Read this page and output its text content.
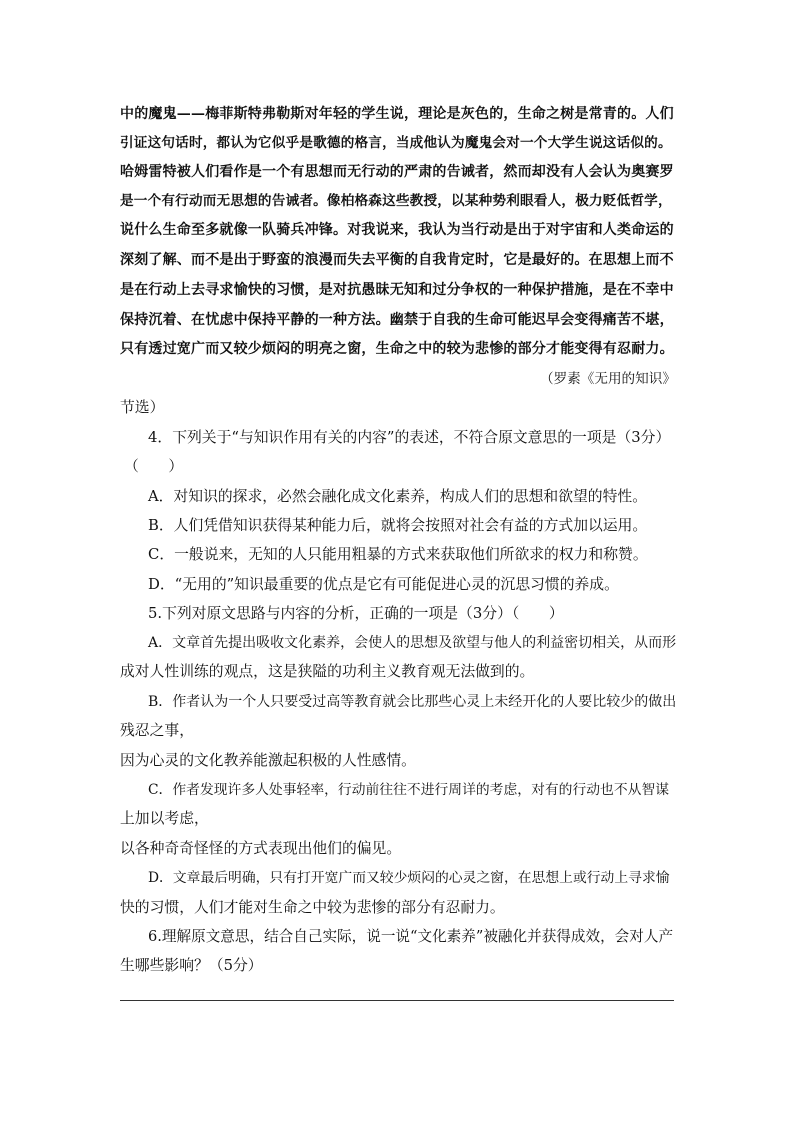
中的魔鬼——梅菲斯特弗勒斯对年轻的学生说，理论是灰色的，生命之树是常青的。人们
引证这句话时，都认为它似乎是歌德的格言，当成他认为魔鬼会对一个大学生说这话似的。
哈姆雷特被人们看作是一个有思想而无行动的严肃的告诫者，然而却没有人会认为奥赛罗
是一个有行动而无思想的告诫者。像柏格森这些教授，以某种势利眼看人，极力贬低哲学，
说什么生命至多就像一队骑兵冲锋。对我说来，我认为当行动是出于对宇宙和人类命运的
深刻了解、而不是出于野蛮的浪漫而失去平衡的自我肯定时，它是最好的。在思想上而不
是在行动上去寻求愉快的习惯，是对抗愚昧无知和过分争权的一种保护措施，是在不幸中
保持沉着、在忧虑中保持平静的一种方法。幽禁于自我的生命可能迟早会变得痛苦不堪，
只有透过宽广而又较少烦闷的明亮之窗，生命之中的较为悲惨的部分才能变得有忍耐力。
（罗素《无用的知识》
节选）
4．下列关于“与知识作用有关的内容”的表述，不符合原文意思的一项是（3分）
（　　）
A．对知识的探求，必然会融化成文化素养，构成人们的思想和欲望的特性。
B．人们凭借知识获得某种能力后，就将会按照对社会有益的方式加以运用。
C．一般说来，无知的人只能用粗暴的方式来获取他们所欲求的权力和称赞。
D．“无用的”知识最重要的优点是它有可能促进心灵的沉思习惯的养成。
5.下列对原文思路与内容的分析，正确的一项是（3分）（　　）
A．文章首先提出吸收文化素养，会使人的思想及欲望与他人的利益密切相关，从而形
成对人性训练的观点，这是狭隘的功利主义教育观无法做到的。
B．作者认为一个人只要受过高等教育就会比那些心灵上未经开化的人要比较少的做出
残忍之事，
因为心灵的文化教养能激起积极的人性感情。
C．作者发现许多人处事轻率，行动前往往不进行周详的考虑，对有的行动也不从智谋
上加以考虑，
以各种奇奇怪怪的方式表现出他们的偏见。
D．文章最后明确，只有打开宽广而又较少烦闷的心灵之窗，在思想上或行动上寻求愉
快的习惯，人们才能对生命之中较为悲惨的部分有忍耐力。
6.理解原文意思，结合自己实际，说一说“文化素养”被融化并获得成效，会对人产
生哪些影响？（5分）
